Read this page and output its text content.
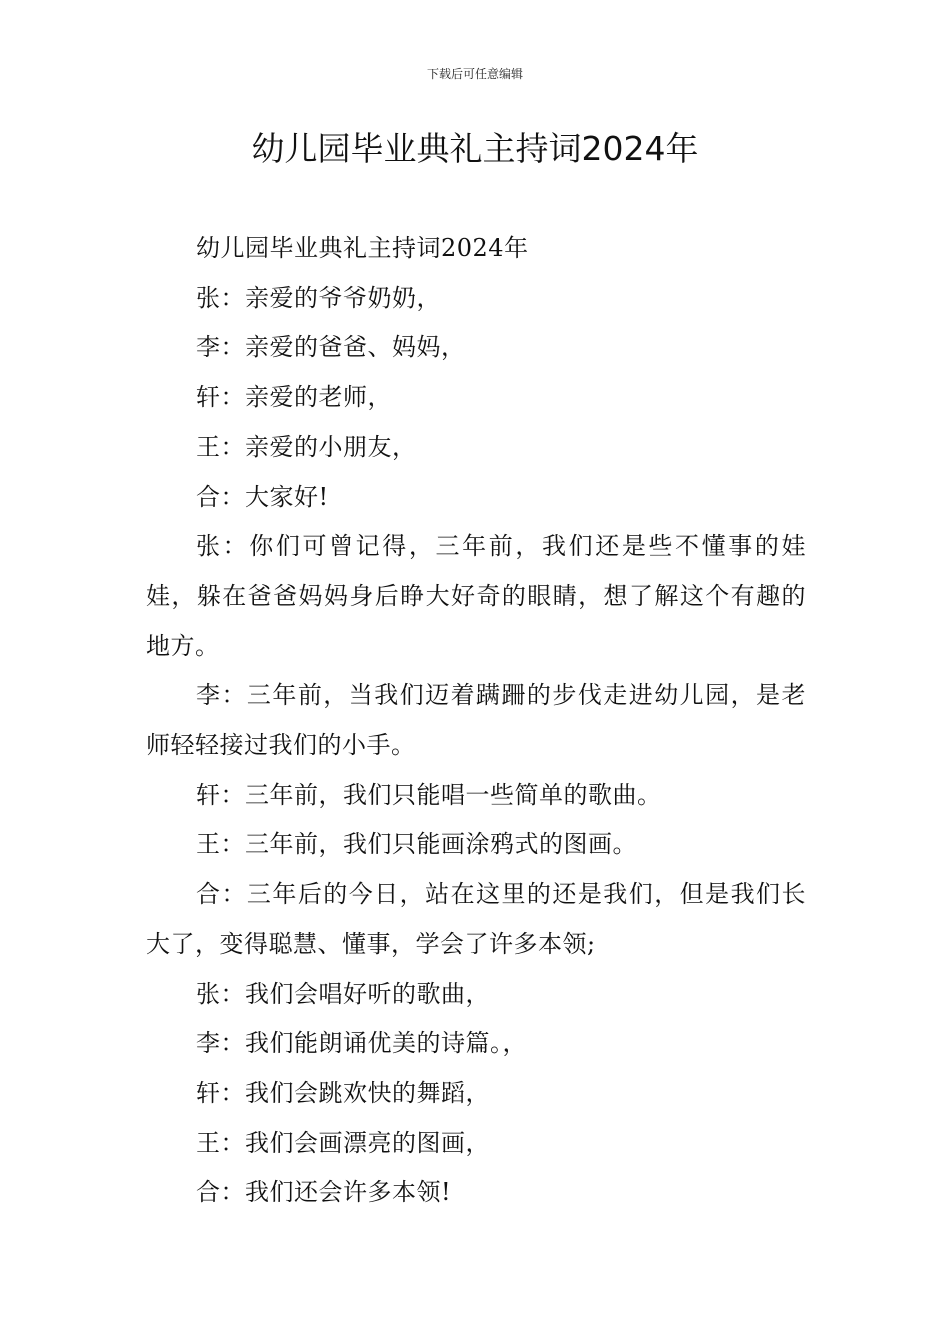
下载后可任意编辑
幼儿园毕业典礼主持词2024年

幼儿园毕业典礼主持词2024年

张：亲爱的爷爷奶奶，

李：亲爱的爸爸、妈妈，

轩：亲爱的老师，

王：亲爱的小朋友，

合：大家好!

张：你们可曾记得，三年前，我们还是些不懂事的娃娃，躲在爸爸妈妈身后睁大好奇的眼睛，想了解这个有趣的地方。

李：三年前，当我们迈着蹒跚的步伐走进幼儿园，是老师轻轻接过我们的小手。

轩：三年前，我们只能唱一些简单的歌曲。

王：三年前，我们只能画涂鸦式的图画。

合：三年后的今日，站在这里的还是我们，但是我们长大了，变得聪慧、懂事，学会了许多本领;

张：我们会唱好听的歌曲，

李：我们能朗诵优美的诗篇。，

轩：我们会跳欢快的舞蹈，

王：我们会画漂亮的图画，

合：我们还会许多本领!
